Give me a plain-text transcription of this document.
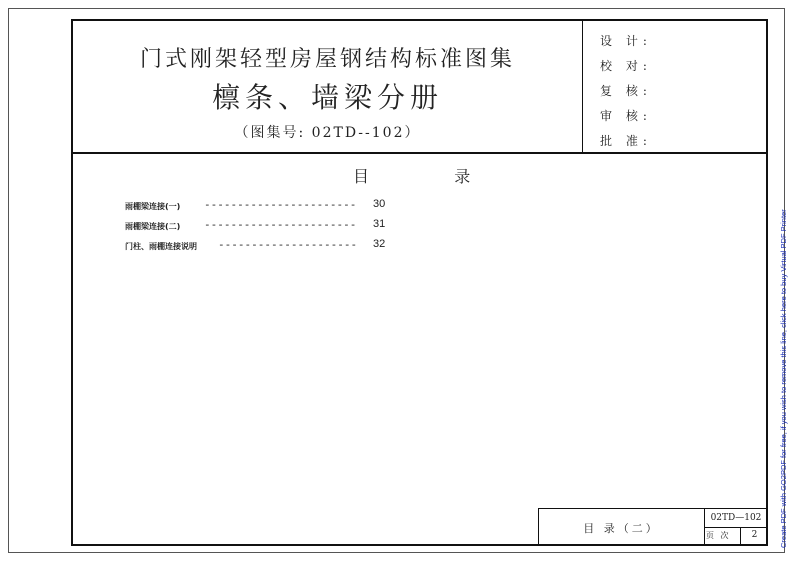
门式刚架轻型房屋钢结构标准图集
檩条、墙梁分册
（图集号: 02TD--102）
设 计:
校 对:
复 核:
审 核:
批 准:
目	录
雨棚梁连接(一) ----------------------- 30
雨棚梁连接(二) ----------------------- 31
门柱、雨棚连接说明 --------------------- 32
目 录（二）
02TD—102
页 次	2	Create PDF with GO2PDF for free, if you wish to remove this line, click here to buy Virtual PDF Printer
